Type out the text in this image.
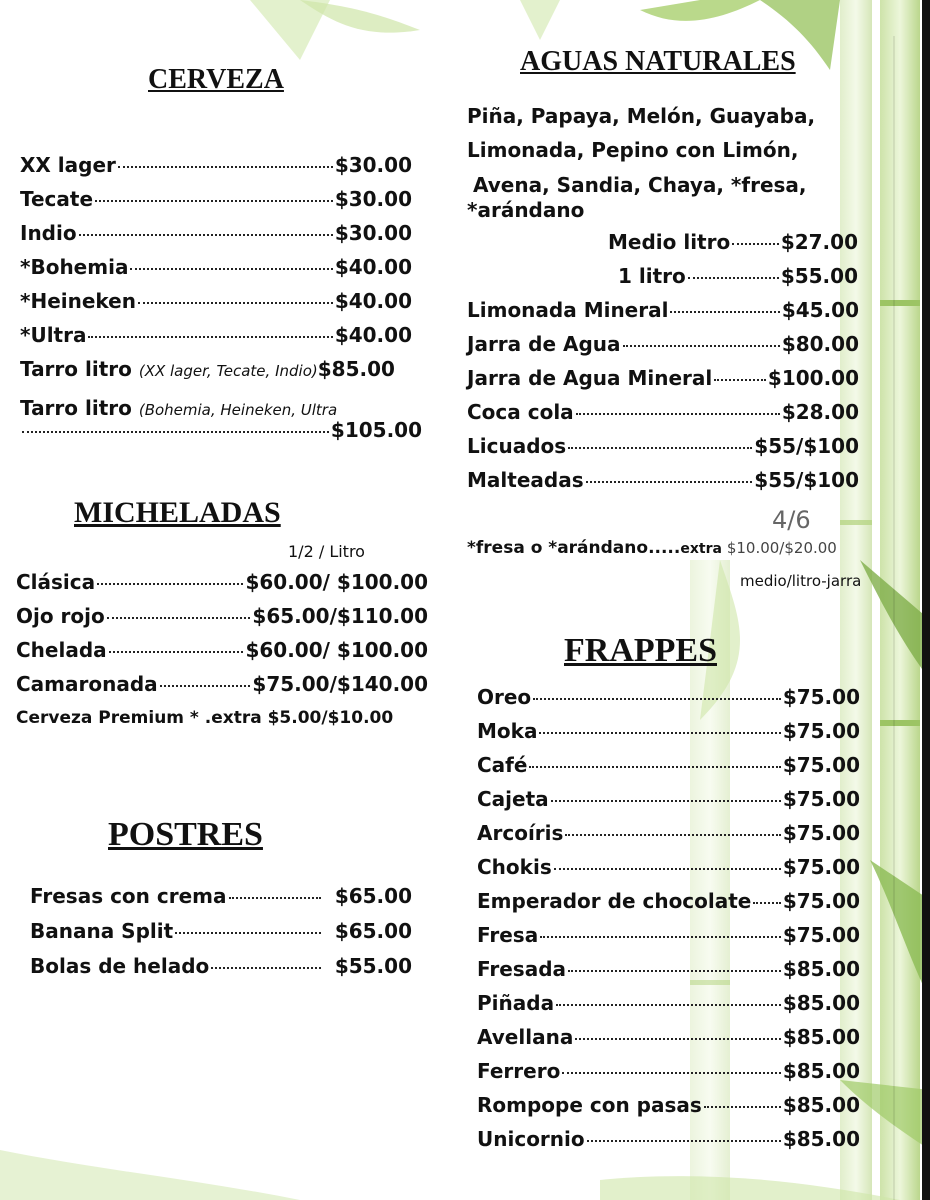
CERVEZA
XX lager	$30.00
Tecate	$30.00
Indio	$30.00
*Bohemia	$40.00
*Heineken	$40.00
*Ultra	$40.00
Tarro litro
(XX lager, Tecate, Indio) $85.00
Tarro litro (Bohemia, Heineken, Ultra
$105.00
MICHELADAS
1/2 / Litro
Clásica	$60.00/ $100.00
Ojo rojo	$65.00/$110.00
Chelada	$60.00/ $100.00
Camaronada	$75.00/$140.00
Cerveza Premium * .extra $5.00/$10.00
POSTRES
Fresas con crema	$65.00
Banana Split	$65.00
Bolas de helado	$55.00
AGUAS NATURALES
Piña, Papaya, Melón, Guayaba,
Limonada, Pepino con Limón,
Avena, Sandia, Chaya, *fresa,
*arándano
Medio litro	$27.00
1 litro	$55.00
Limonada Mineral	$45.00
Jarra de Agua	$80.00
Jarra de Agua Mineral	$100.00
Coca cola	$28.00
Licuados	$55/$100
Malteadas	$55/$100
4/6
*fresa o *arándano.....extra $10.00/$20.00
medio/litro-jarra
FRAPPES
Oreo	$75.00
Moka	$75.00
Café	$75.00
Cajeta	$75.00
Arcoíris	$75.00
Chokis	$75.00
Emperador de chocolate $75.00
Fresa	$75.00
Fresada	$85.00
Piñada	$85.00
Avellana	$85.00
Ferrero	$85.00
Rompope con pasas	$85.00
Unicornio	$85.00
